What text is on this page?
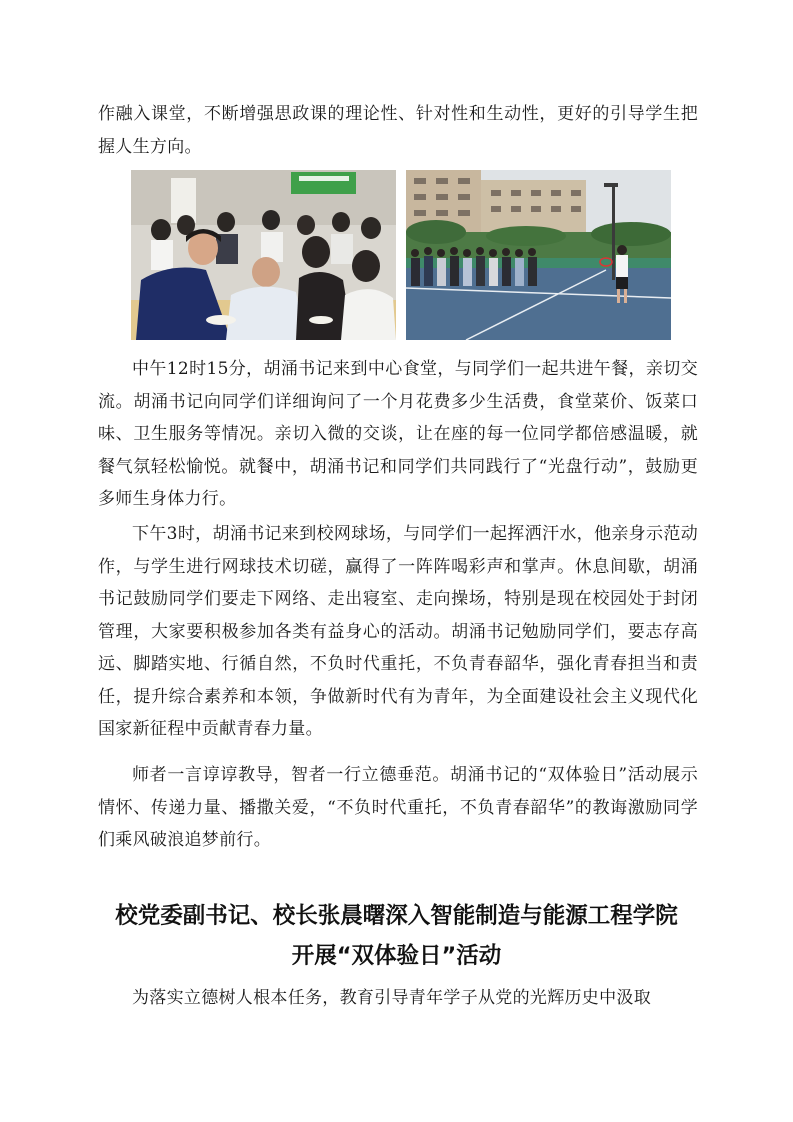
作融入课堂，不断增强思政课的理论性、针对性和生动性，更好的引导学生把握人生方向。

中午12时15分，胡涌书记来到中心食堂，与同学们一起共进午餐，亲切交流。胡涌书记向同学们详细询问了一个月花费多少生活费，食堂菜价、饭菜口味、卫生服务等情况。亲切入微的交谈，让在座的每一位同学都倍感温暖，就餐气氛轻松愉悦。就餐中，胡涌书记和同学们共同践行了“光盘行动”，鼓励更多师生身体力行。

下午3时，胡涌书记来到校网球场，与同学们一起挥洒汗水，他亲身示范动作，与学生进行网球技术切磋，赢得了一阵阵喝彩声和掌声。休息间歇，胡涌书记鼓励同学们要走下网络、走出寝室、走向操场，特别是现在校园处于封闭管理，大家要积极参加各类有益身心的活动。胡涌书记勉励同学们，要志存高远、脚踏实地、行循自然，不负时代重托，不负青春韶华，强化青春担当和责任，提升综合素养和本领，争做新时代有为青年，为全面建设社会主义现代化国家新征程中贡献青春力量。

师者一言谆谆教导，智者一行立德垂范。胡涌书记的“双体验日”活动展示情怀、传递力量、播撒关爱，“不负时代重托，不负青春韶华”的教诲激励同学们乘风破浪追梦前行。

校党委副书记、校长张晨曙深入智能制造与能源工程学院
开展“双体验日”活动

为落实立德树人根本任务，教育引导青年学子从党的光辉历史中汲取
